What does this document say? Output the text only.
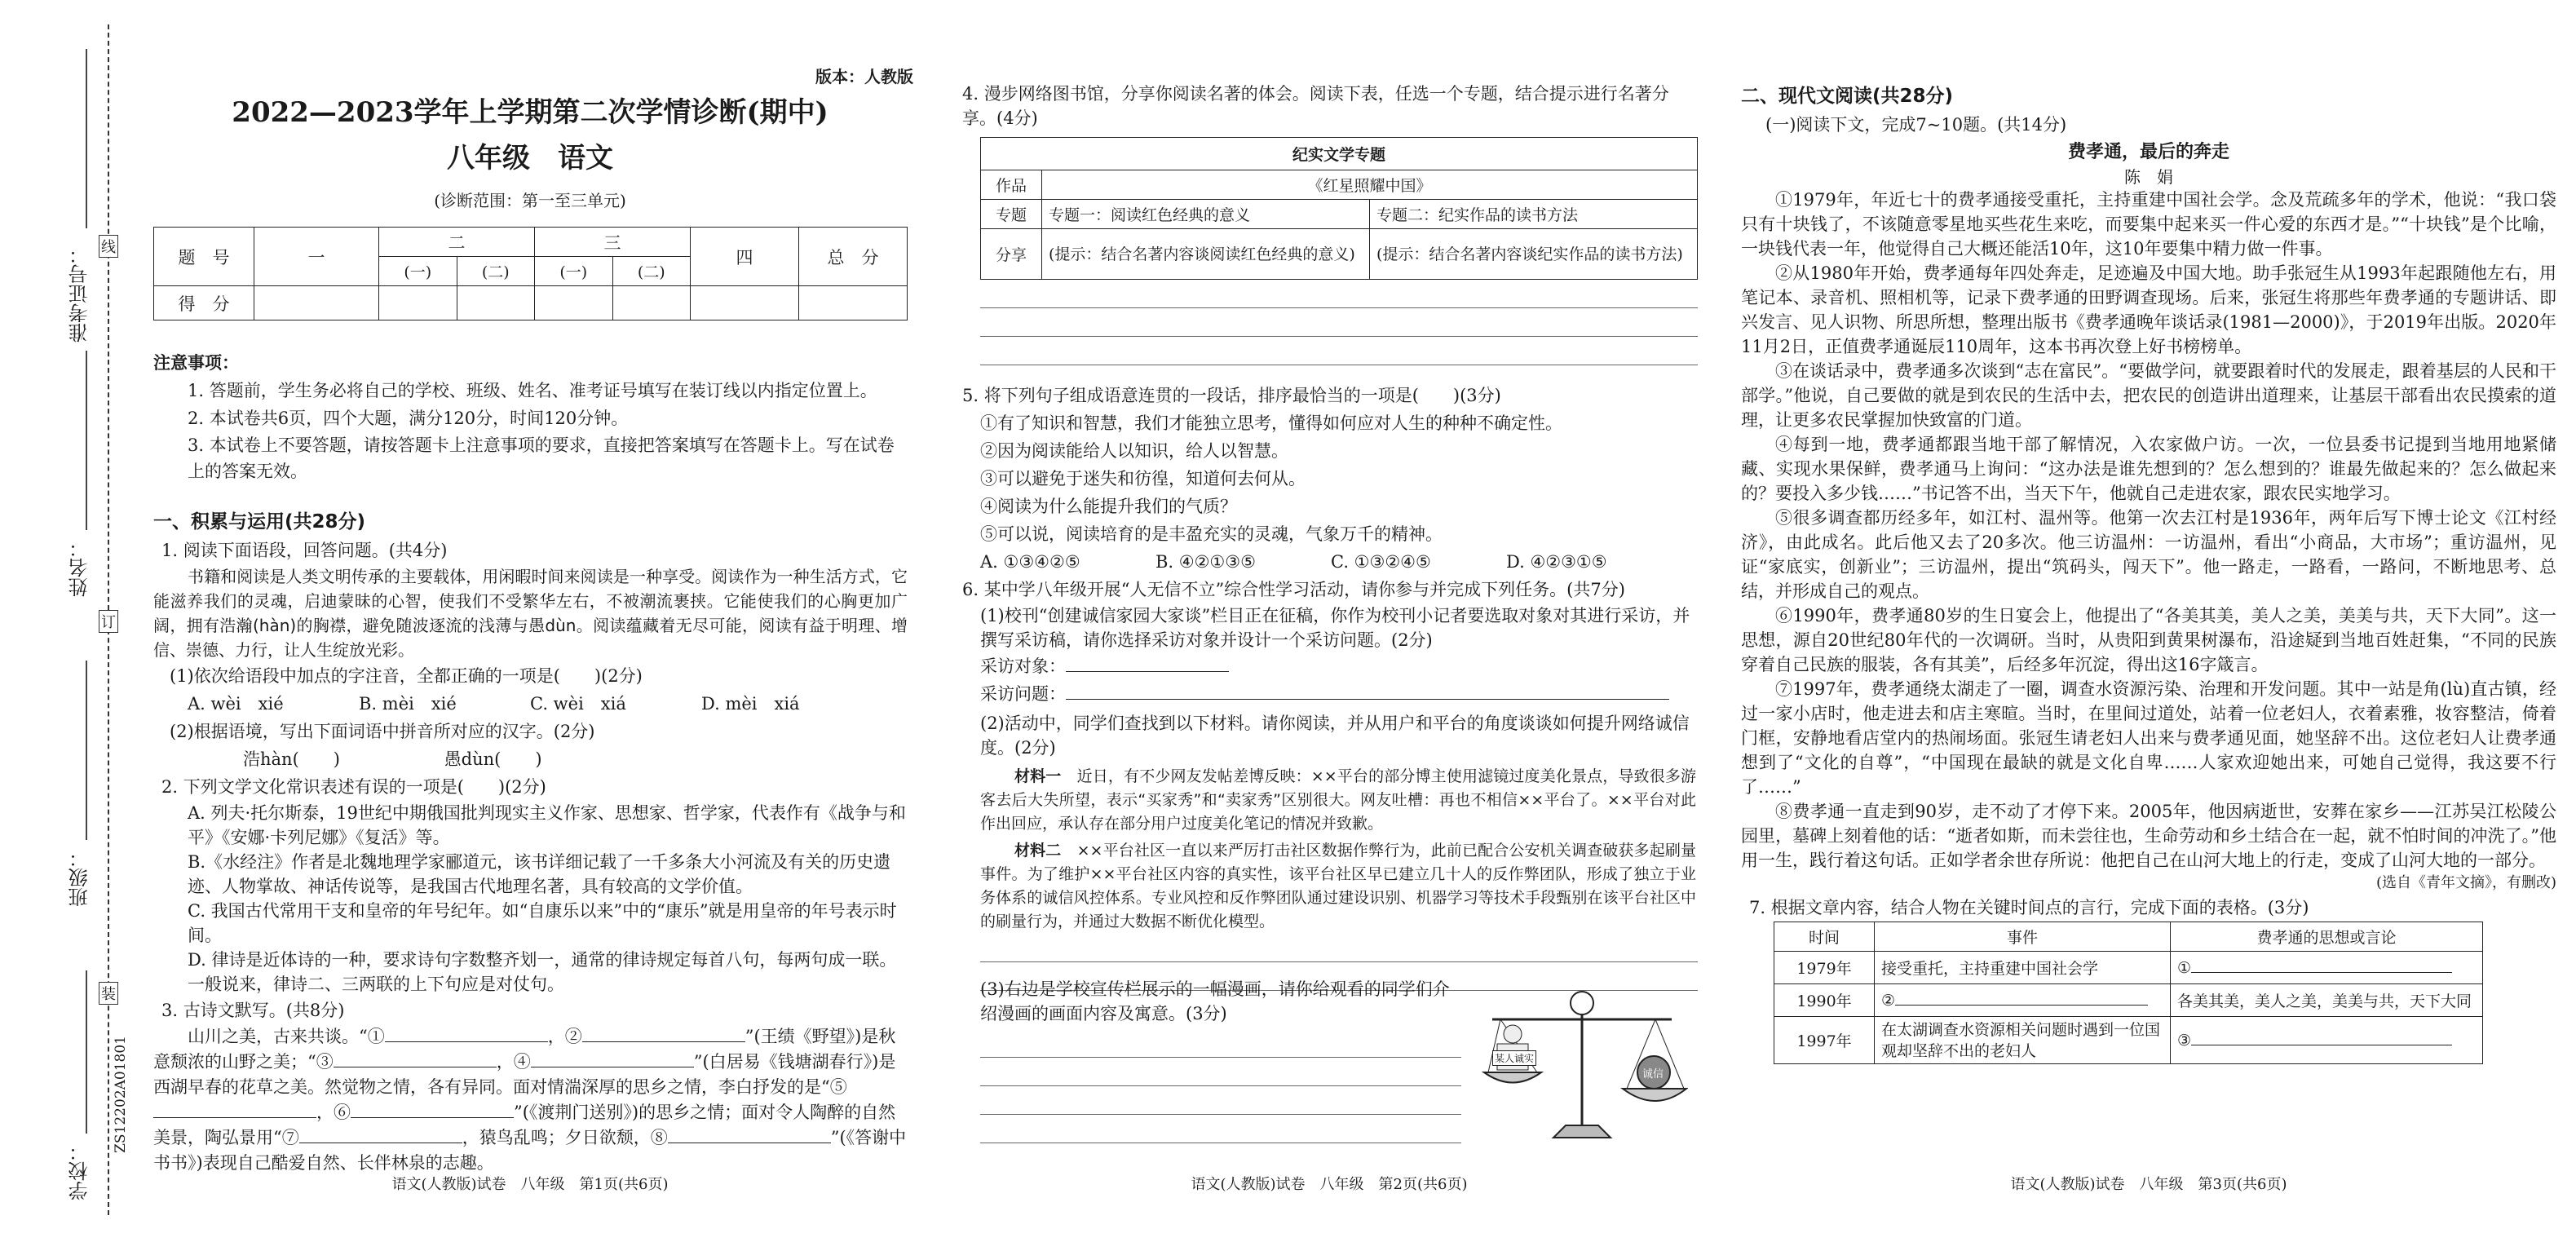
准考证号：
姓名：
班级：
学校：
ZS12202A01801
线
订
装
版本：人教版
2022—2023学年上学期第二次学情诊断(期中)
八年级　语文
(诊断范围：第一至三单元)
题　号	一	二		三		四	总　分
		(一)	(二)	(一)	(二)		
得　分							
注意事项：
1. 答题前，学生务必将自己的学校、班级、姓名、准考证号填写在装订线以内指定位置上。
2. 本试卷共6页，四个大题，满分120分，时间120分钟。
3. 本试卷上不要答题，请按答题卡上注意事项的要求，直接把答案填写在答题卡上。写在试卷上的答案无效。
一、积累与运用(共28分)
1. 阅读下面语段，回答问题。(共4分)

书籍和阅读是人类文明传承的主要载体，用闲暇时间来阅读是一种享受。阅读作为一种生活方式，它能滋养我们的灵魂，启迪蒙昧的心智，使我们不受繁华左右，不被潮流裹挟。它能使我们的心胸更加广阔，拥有浩瀚(hàn)的胸襟，避免随波逐流的浅薄与愚dùn。阅读蕴藏着无尽可能，阅读有益于明理、增信、崇德、力行，让人生绽放光彩。

(1)依次给语段中加点的字注音，全都正确的一项是(　　)(2分)
A. wèi　xié	B. mèi　xié	C. wèi　xiá	D. mèi　xiá
(2)根据语境，写出下面词语中拼音所对应的汉字。(2分)
浩hàn(　　)	愚dùn(　　)
2. 下列文学文化常识表述有误的一项是(　　)(2分)
A. 列夫·托尔斯泰，19世纪中期俄国批判现实主义作家、思想家、哲学家，代表作有《战争与和平》《安娜·卡列尼娜》《复活》等。
B.《水经注》作者是北魏地理学家郦道元，该书详细记载了一千多条大小河流及有关的历史遗迹、人物掌故、神话传说等，是我国古代地理名著，具有较高的文学价值。
C. 我国古代常用干支和皇帝的年号纪年。如“自康乐以来”中的“康乐”就是用皇帝的年号表示时间。
D. 律诗是近体诗的一种，要求诗句字数整齐划一，通常的律诗规定每首八句，每两句成一联。一般说来，律诗二、三两联的上下句应是对仗句。
3. 古诗文默写。(共8分)
山川之美，古来共谈。“①	，②	”(王绩《野望》)是秋意颓浓的山野之美；“③	，④	”(白居易《钱塘湖春行》)是西湖早春的花草之美。然觉物之情，各有异同。面对情湍深厚的思乡之情，李白抒发的是“⑤，⑥	”(《渡荆门送别》)的思乡之情；面对令人陶醉的自然美景，陶弘景用“⑦	，猿鸟乱鸣；夕日欲颓，⑧	”(《答谢中书书》)表现自己酷爱自然、长伴林泉的志趣。
语文(人教版)试卷　八年级　第1页(共6页)
4. 漫步网络图书馆，分享你阅读名著的体会。阅读下表，任选一个专题，结合提示进行名著分享。(4分)
纪实文学专题		
作品	《红星照耀中国》	
专题	专题一：阅读红色经典的意义	专题二：纪实作品的读书方法
分享	(提示：结合名著内容谈阅读红色经典的意义)	(提示：结合名著内容谈纪实作品的读书方法)
5. 将下列句子组成语意连贯的一段话，排序最恰当的一项是(　　)(3分)
①有了知识和智慧，我们才能独立思考，懂得如何应对人生的种种不确定性。
②因为阅读能给人以知识，给人以智慧。
③可以避免于迷失和彷徨，知道何去何从。
④阅读为什么能提升我们的气质？
⑤可以说，阅读培育的是丰盈充实的灵魂，气象万千的精神。
A. ①③④②⑤	B. ④②①③⑤	C. ①③②④⑤	D. ④②③①⑤
6. 某中学八年级开展“人无信不立”综合性学习活动，请你参与并完成下列任务。(共7分)
(1)校刊“创建诚信家园大家谈”栏目正在征稿，你作为校刊小记者要选取对象对其进行采访，并撰写采访稿，请你选择采访对象并设计一个采访问题。(2分)
采访对象：
采访问题：
(2)活动中，同学们查找到以下材料。请你阅读，并从用户和平台的角度谈谈如何提升网络诚信度。(2分)

材料一　 近日，有不少网友发帖差博反映：××平台的部分博主使用滤镜过度美化景点，导致很多游客去后大失所望，表示“买家秀”和“卖家秀”区别很大。网友吐槽：再也不相信××平台了。××平台对此作出回应，承认存在部分用户过度美化笔记的情况并致歉。

材料二　 ××平台社区一直以来严厉打击社区数据作弊行为，此前已配合公安机关调查破获多起刷量事件。为了维护××平台社区内容的真实性，该平台社区早已建立几十人的反作弊团队，形成了独立于业务体系的诚信风控体系。专业风控和反作弊团队通过建设识别、机器学习等技术手段甄别在该平台社区中的刷量行为，并通过大数据不断优化模型。

(3)右边是学校宣传栏展示的一幅漫画，请你给观看的同学们介绍漫画的画面内容及寓意。(3分)
某人诚实
诚信
语文(人教版)试卷　八年级　第2页(共6页)
二、现代文阅读(共28分)
(一)阅读下文，完成7~10题。(共14分)
费孝通，最后的奔走
陈　娟

①1979年，年近七十的费孝通接受重托，主持重建中国社会学。念及荒疏多年的学术，他说：“我口袋只有十块钱了，不该随意零星地买些花生来吃，而要集中起来买一件心爱的东西才是。”“十块钱”是个比喻，一块钱代表一年，他觉得自己大概还能活10年，这10年要集中精力做一件事。

②从1980年开始，费孝通每年四处奔走，足迹遍及中国大地。助手张冠生从1993年起跟随他左右，用笔记本、录音机、照相机等，记录下费孝通的田野调查现场。后来，张冠生将那些年费孝通的专题讲话、即兴发言、见人识物、所思所想，整理出版书《费孝通晚年谈话录(1981—2000)》，于2019年出版。2020年11月2日，正值费孝通诞辰110周年，这本书再次登上好书榜榜单。

③在谈话录中，费孝通多次谈到“志在富民”。“要做学问，就要跟着时代的发展走，跟着基层的人民和干部学。”他说，自己要做的就是到农民的生活中去，把农民的创造讲出道理来，让基层干部看出农民摸索的道理，让更多农民掌握加快致富的门道。

④每到一地，费孝通都跟当地干部了解情况，入农家做户访。一次，一位县委书记提到当地用地紧储藏、实现水果保鲜，费孝通马上询问：“这办法是谁先想到的？怎么想到的？谁最先做起来的？怎么做起来的？要投入多少钱……”书记答不出，当天下午，他就自己走进农家，跟农民实地学习。

⑤很多调查都历经多年，如江村、温州等。他第一次去江村是1936年，两年后写下博士论文《江村经济》，由此成名。此后他又去了20多次。他三访温州：一访温州，看出“小商品，大市场”；重访温州，见证“家底实，创新业”；三访温州，提出“筑码头，闯天下”。他一路走，一路看，一路问，不断地思考、总结，并形成自己的观点。

⑥1990年，费孝通80岁的生日宴会上，他提出了“各美其美，美人之美，美美与共，天下大同”。这一思想，源自20世纪80年代的一次调研。当时，从贵阳到黄果树瀑布，沿途疑到当地百姓赶集，“不同的民族穿着自己民族的服装，各有其美”，后经多年沉淀，得出这16字箴言。

⑦1997年，费孝通绕太湖走了一圈，调查水资源污染、治理和开发问题。其中一站是角(lù)直古镇，经过一家小店时，他走进去和店主寒暄。当时，在里间过道处，站着一位老妇人，衣着素雅，妆容整洁，倚着门框，安静地看店堂内的热闹场面。张冠生请老妇人出来与费孝通见面，她坚辞不出。这位老妇人让费孝通想到了“文化的自尊”，“中国现在最缺的就是文化自卑……人家欢迎她出来，可她自己觉得，我这要不行了……”

⑧费孝通一直走到90岁，走不动了才停下来。2005年，他因病逝世，安葬在家乡——江苏吴江松陵公园里，墓碑上刻着他的话：“逝者如斯，而未尝往也，生命劳动和乡土结合在一起，就不怕时间的冲洗了。”他用一生，践行着这句话。正如学者余世存所说：他把自己在山河大地上的行走，变成了山河大地的一部分。

(选自《青年文摘》，有删改)
7. 根据文章内容，结合人物在关键时间点的言行，完成下面的表格。(3分)
时间	事件	费孝通的思想或言论
1979年	接受重托，主持重建中国社会学	①
1990年	②	各美其美，美人之美，美美与共，天下大同
1997年	在太湖调查水资源相关问题时遇到一位国观却坚辞不出的老妇人	③
语文(人教版)试卷　八年级　第3页(共6页)
